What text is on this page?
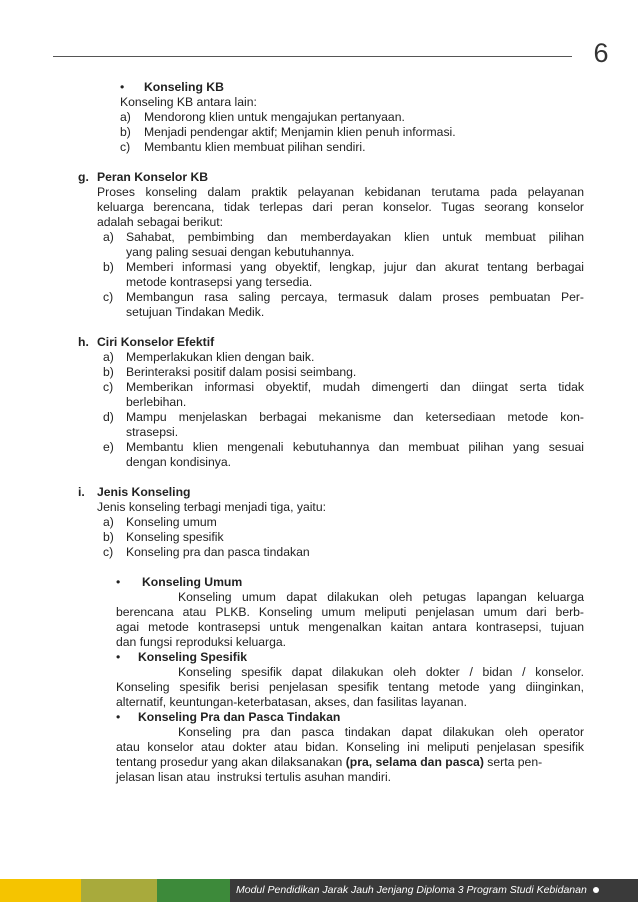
6
• Konseling KB
Konseling KB antara lain:
a) Mendorong klien untuk mengajukan pertanyaan.
b) Menjadi pendengar aktif; Menjamin klien penuh informasi.
c) Membantu klien membuat pilihan sendiri.
g. Peran Konselor KB
Proses konseling dalam praktik pelayanan kebidanan terutama pada pelayanan
keluarga berencana, tidak terlepas dari peran konselor. Tugas seorang konselor
adalah sebagai berikut:
a) Sahabat, pembimbing dan memberdayakan klien untuk membuat pilihan
yang paling sesuai dengan kebutuhannya.
b) Memberi informasi yang obyektif, lengkap, jujur dan akurat tentang berbagai
metode kontrasepsi yang tersedia.
c) Membangun rasa saling percaya, termasuk dalam proses pembuatan Per-
setujuan Tindakan Medik.
h. Ciri Konselor Efektif
a) Memperlakukan klien dengan baik.
b) Berinteraksi positif dalam posisi seimbang.
c) Memberikan informasi obyektif, mudah dimengerti dan diingat serta tidak
berlebihan.
d) Mampu menjelaskan berbagai mekanisme dan ketersediaan metode kon-
strasepsi.
e) Membantu klien mengenali kebutuhannya dan membuat pilihan yang sesuai
dengan kondisinya.
i. Jenis Konseling
Jenis konseling terbagi menjadi tiga, yaitu:
a) Konseling umum
b) Konseling spesifik
c) Konseling pra dan pasca tindakan
• Konseling Umum
Konseling umum dapat dilakukan oleh petugas lapangan keluarga
berencana atau PLKB. Konseling umum meliputi penjelasan umum dari berb-
agai metode kontrasepsi untuk mengenalkan kaitan antara kontrasepsi, tujuan
dan fungsi reproduksi keluarga.
• Konseling Spesifik
Konseling spesifik dapat dilakukan oleh dokter / bidan / konselor.
Konseling spesifik berisi penjelasan spesifik tentang metode yang diinginkan,
alternatif, keuntungan-keterbatasan, akses, dan fasilitas layanan.
• Konseling Pra dan Pasca Tindakan
Konseling pra dan pasca tindakan dapat dilakukan oleh operator
atau konselor atau dokter atau bidan. Konseling ini meliputi penjelasan spesifik
tentang prosedur yang akan dilaksanakan (pra, selama dan pasca) serta pen-
jelasan lisan atau  instruksi tertulis asuhan mandiri.
Modul Pendidikan Jarak Jauh Jenjang Diploma 3 Program Studi Kebidanan
